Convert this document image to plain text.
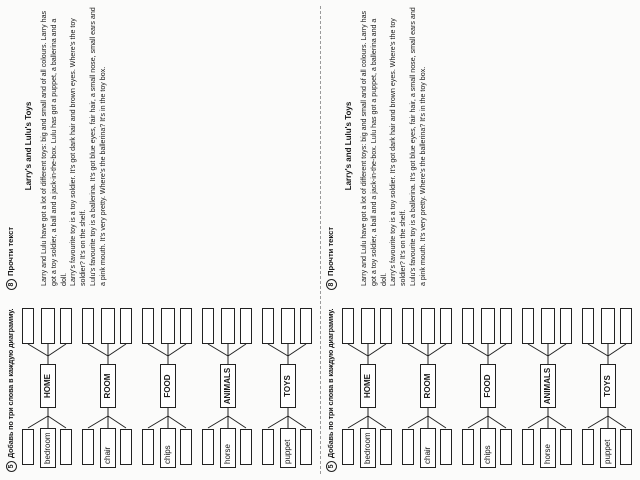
5Добавь по три слова в каждую диаграмму.	bedroom
HOME
chair
ROOM
chips
FOOD
horse
ANIMALS
puppet
TOYS
8Прочти текст
Larry's and Lulu's Toys Larry and Lulu have got a lot of different toys: big and small and of all colours. Larry has got a toy soldier, a ball and a jack-in-the-box. Lulu has got a puppet, a ballerina and a doll. Larry's favourite toy is a toy soldier. It's got dark hair and brown eyes. Where's the toy soldier? It's on the shelf. Lulu's favourite toy is a ballerina. It's got blue eyes, fair hair, a small nose, small ears and a pink mouth. It's very pretty. Where's the ballerina? It's in the toy box.

5Добавь по три слова в каждую диаграмму.	bedroom
HOME
chair
ROOM
chips
FOOD
horse
ANIMALS
puppet
TOYS
8Прочти текст
Larry's and Lulu's Toys Larry and Lulu have got a lot of different toys: big and small and of all colours. Larry has got a toy soldier, a ball and a jack-in-the-box. Lulu has got a puppet, a ballerina and a doll. Larry's favourite toy is a toy soldier. It's got dark hair and brown eyes. Where's the toy soldier? It's on the shelf. Lulu's favourite toy is a ballerina. It's got blue eyes, fair hair, a small nose, small ears and a pink mouth. It's very pretty. Where's the ballerina? It's in the toy box.
